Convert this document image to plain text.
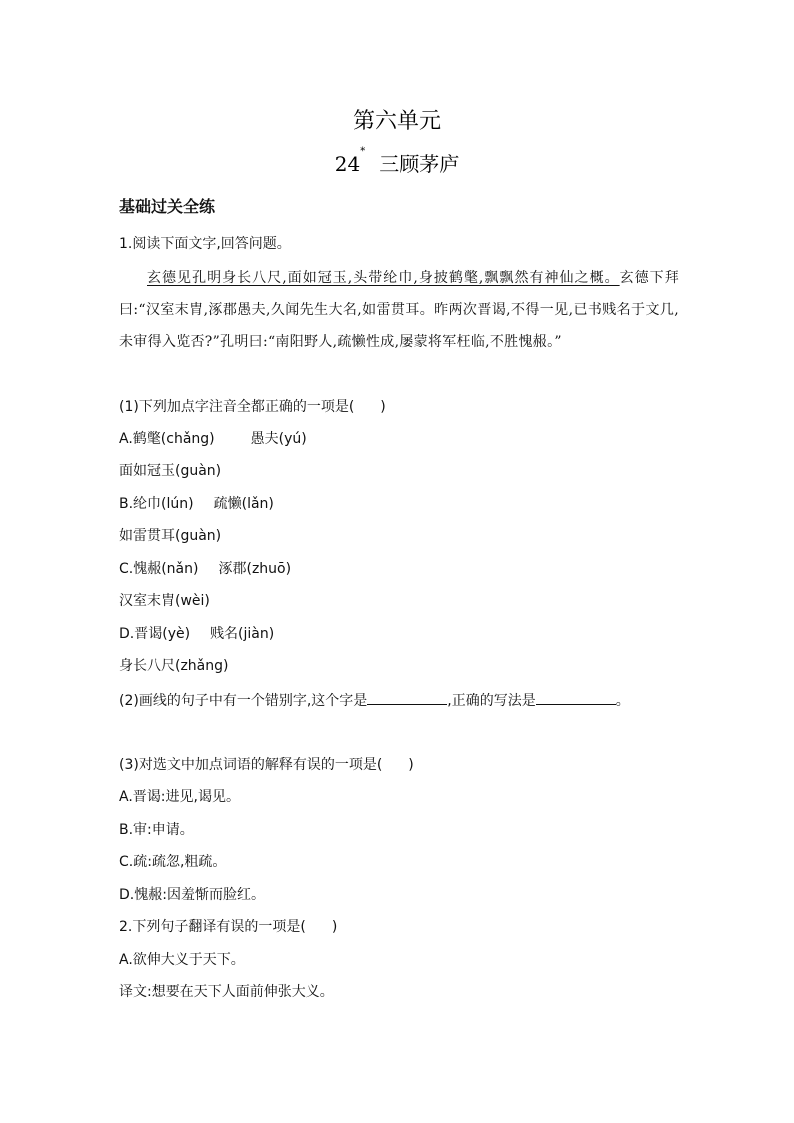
第六单元
24*三顾茅庐
基础过关全练
1.阅读下面文字,回答问题。
玄德见孔明身长八尺,面如冠玉,头带纶巾,身披鹤氅,飘飘然有神仙之概。玄德下拜曰:“汉室末胄,涿郡愚夫,久闻先生大名,如雷贯耳。昨两次晋谒,不得一见,已书贱名于文几,未审得入览否?”孔明曰:“南阳野人,疏懒性成,屡蒙将军枉临,不胜愧赧。”
(1)下列加点字注音全都正确的一项是( )
A.鹤氅(chǎng)	愚夫(yú)
面如冠玉(guàn)
B.纶巾(lún) 疏懒(lǎn)
如雷贯耳(guàn)
C.愧赧(nǎn) 涿郡(zhuō)
汉室末胄(wèi)
D.晋谒(yè) 贱名(jiàn)
身长八尺(zhǎng)
(2)画线的句子中有一个错别字,这个字是	,正确的写法是	。
(3)对选文中加点词语的解释有误的一项是( )
A.晋谒:进见,谒见。
B.审:申请。
C.疏:疏忽,粗疏。
D.愧赧:因羞惭而脸红。
2.下列句子翻译有误的一项是( )
A.欲伸大义于天下。
译文:想要在天下人面前伸张大义。
